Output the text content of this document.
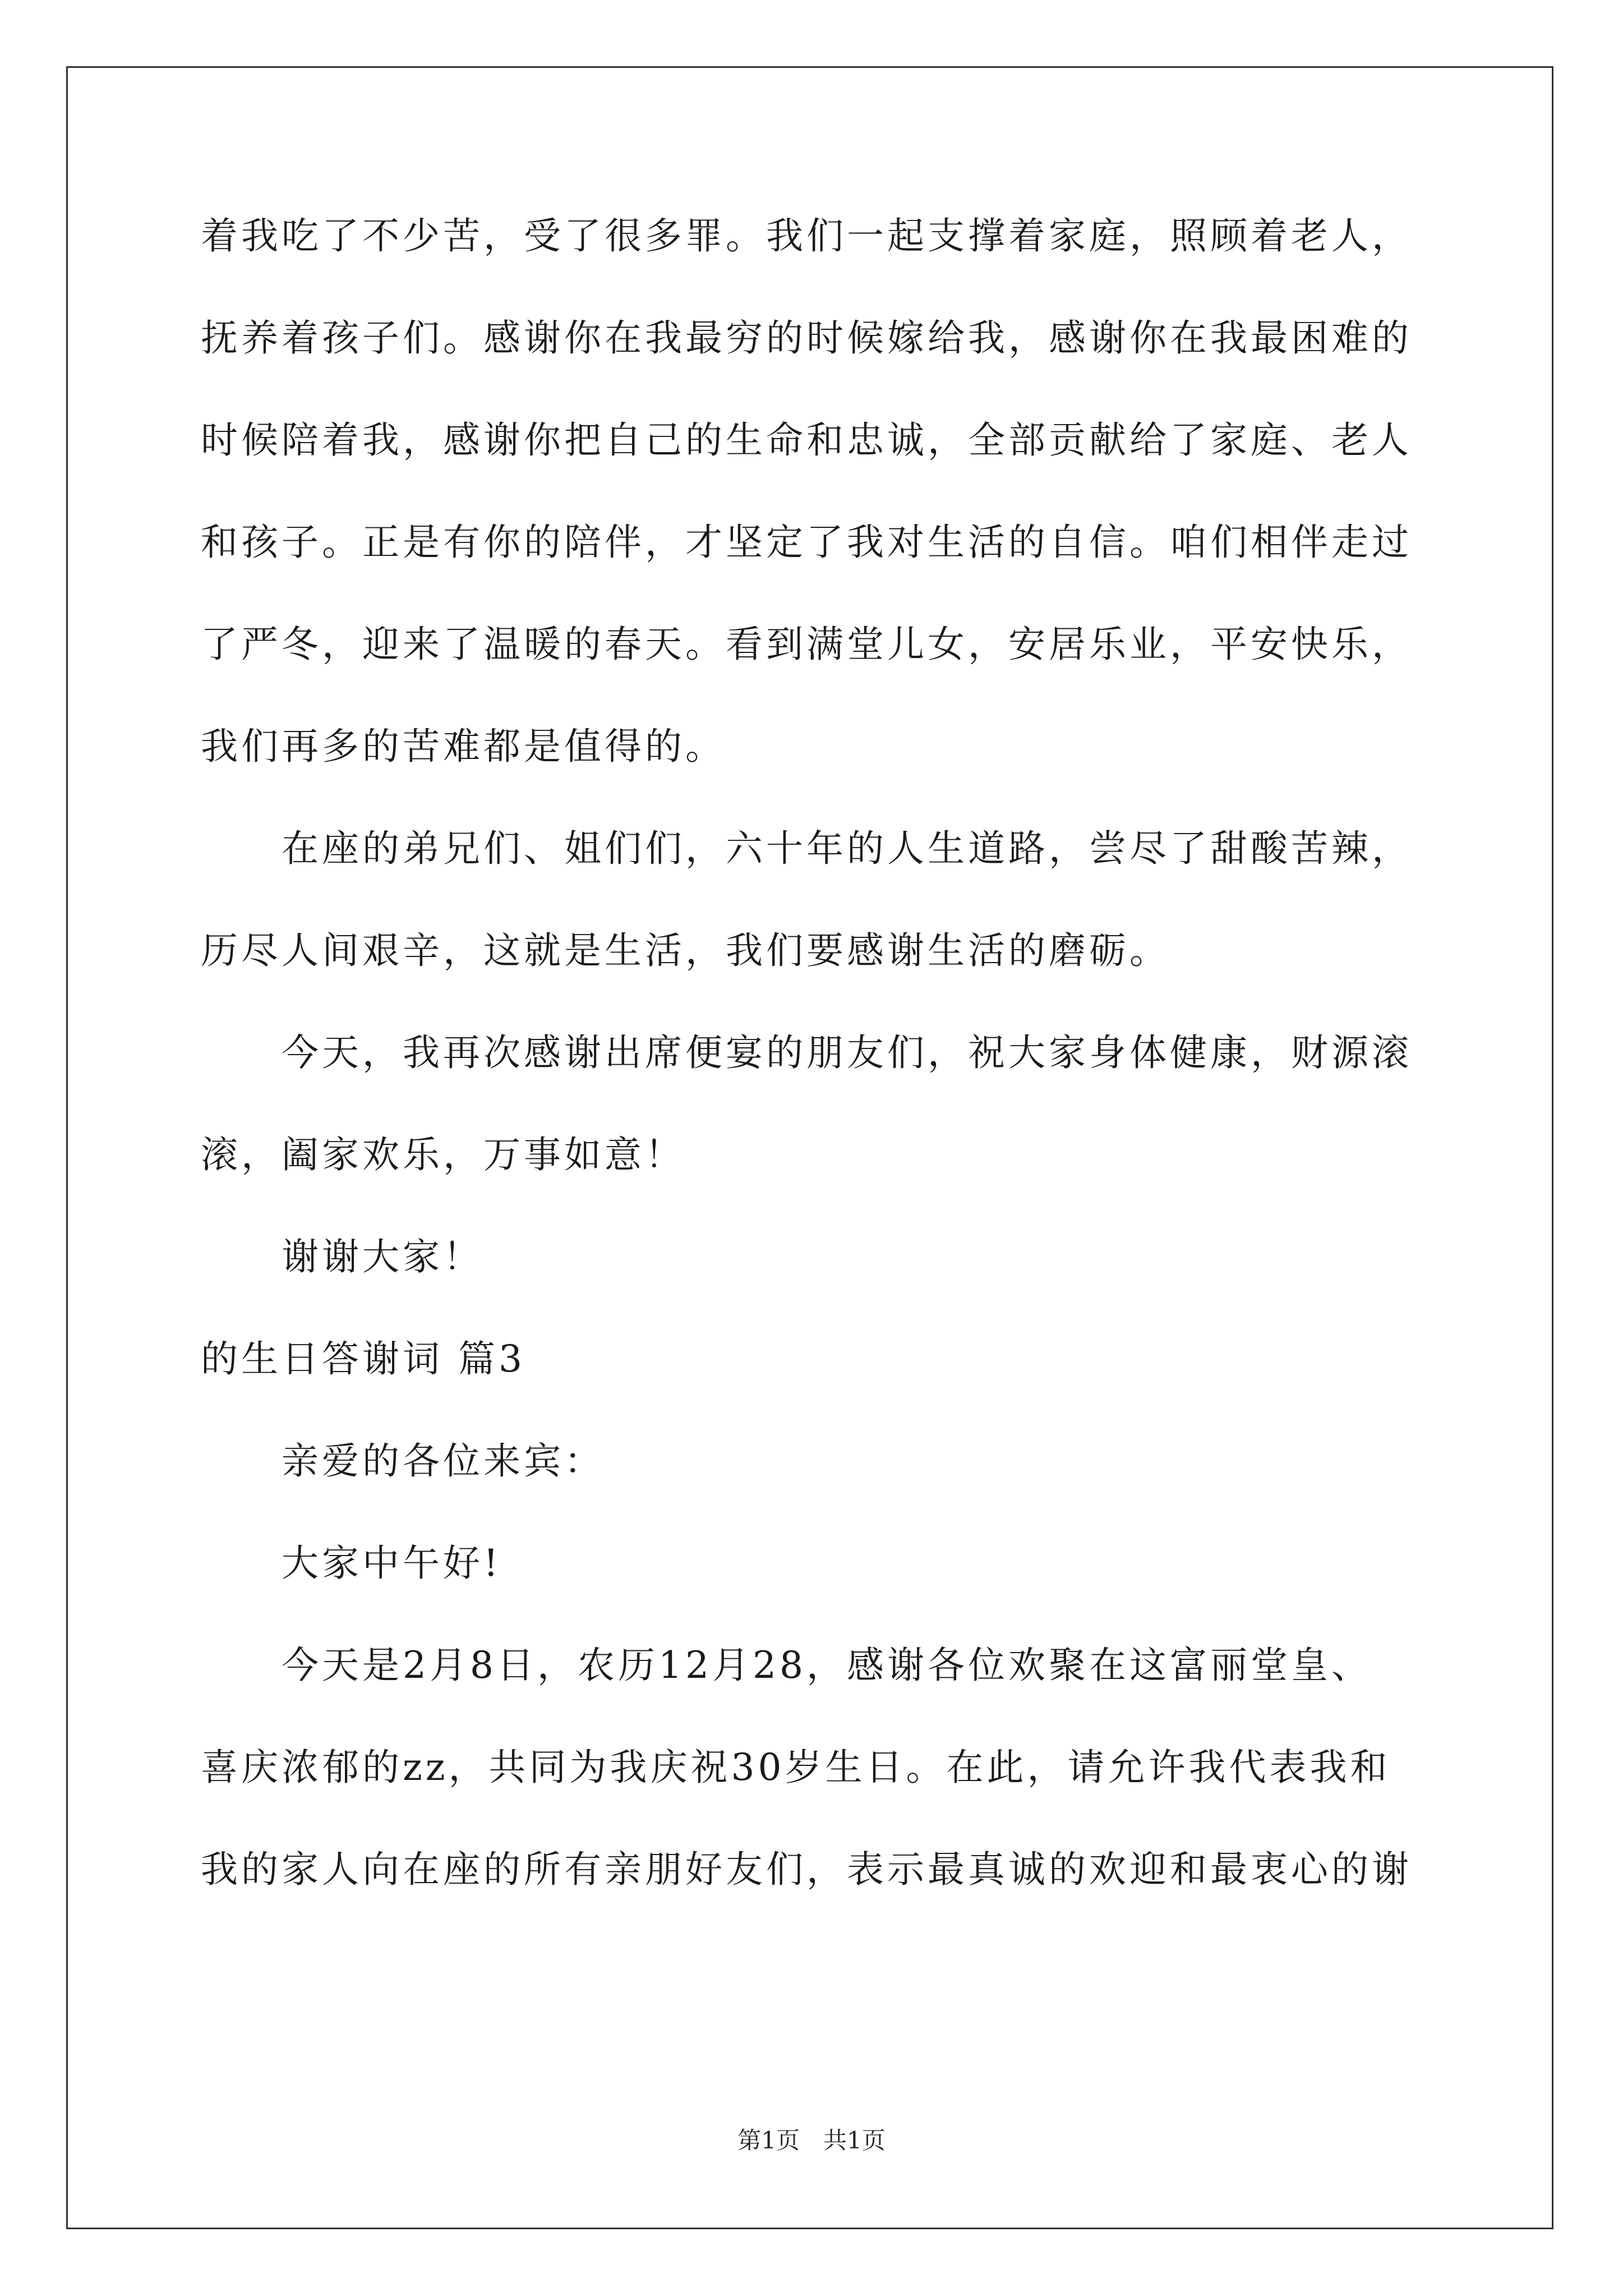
着我吃了不少苦，受了很多罪。我们一起支撑着家庭，照顾着老人，
抚养着孩子们。感谢你在我最穷的时候嫁给我，感谢你在我最困难的
时候陪着我，感谢你把自己的生命和忠诚，全部贡献给了家庭、老人
和孩子。正是有你的陪伴，才坚定了我对生活的自信。咱们相伴走过
了严冬，迎来了温暖的春天。看到满堂儿女，安居乐业，平安快乐，
我们再多的苦难都是值得的。
在座的弟兄们、姐们们，六十年的人生道路，尝尽了甜酸苦辣，
历尽人间艰辛，这就是生活，我们要感谢生活的磨砺。
今天，我再次感谢出席便宴的朋友们，祝大家身体健康，财源滚
滚，阖家欢乐，万事如意！
谢谢大家！
的生日答谢词 篇3
亲爱的各位来宾：
大家中午好!
今天是2月8日，农历12月28，感谢各位欢聚在这富丽堂皇、
喜庆浓郁的zz，共同为我庆祝30岁生日。在此，请允许我代表我和
我的家人向在座的所有亲朋好友们，表示最真诚的欢迎和最衷心的谢
第1页　共1页
